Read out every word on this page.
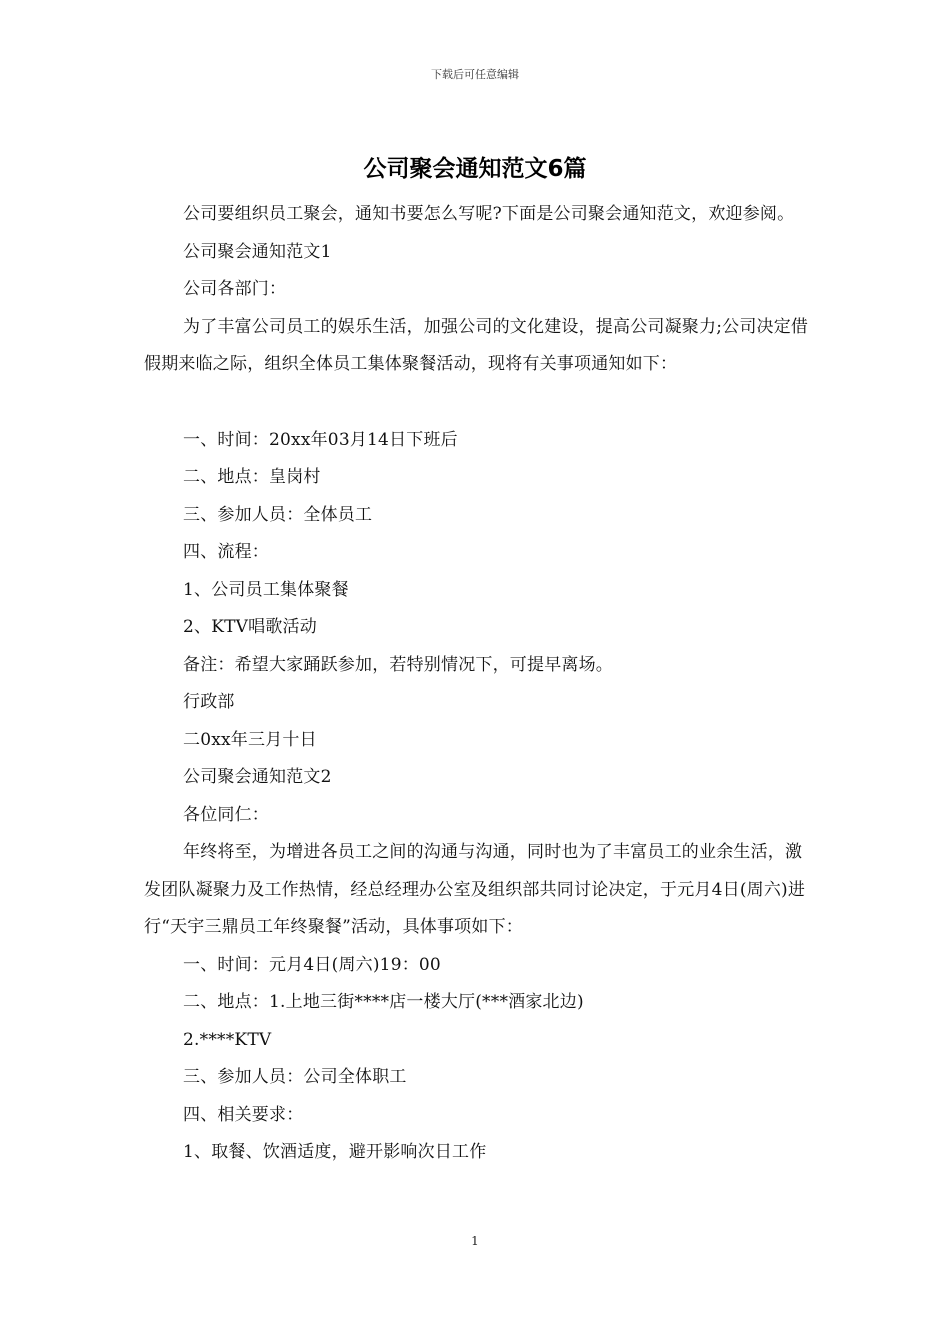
下载后可任意编辑
公司聚会通知范文6篇

公司要组织员工聚会，通知书要怎么写呢?下面是公司聚会通知范文，欢迎参阅。

公司聚会通知范文1

公司各部门：

为了丰富公司员工的娱乐生活，加强公司的文化建设，提高公司凝聚力;公司决定借假期来临之际，组织全体员工集体聚餐活动，现将有关事项通知如下：

一、时间：20xx年03月14日下班后

二、地点：皇岗村

三、参加人员：全体员工

四、流程：

1、公司员工集体聚餐

2、KTV唱歌活动

备注：希望大家踊跃参加，若特别情况下，可提早离场。

行政部

二0xx年三月十日

公司聚会通知范文2

各位同仁：

年终将至，为增进各员工之间的沟通与沟通，同时也为了丰富员工的业余生活，激发团队凝聚力及工作热情，经总经理办公室及组织部共同讨论决定，于元月4日(周六)进行“天宇三鼎员工年终聚餐”活动，具体事项如下：

一、时间：元月4日(周六)19：00

二、地点：1.上地三街****店一楼大厅(***酒家北边)

2.****KTV

三、参加人员：公司全体职工

四、相关要求：

1、取餐、饮酒适度，避开影响次日工作

1
